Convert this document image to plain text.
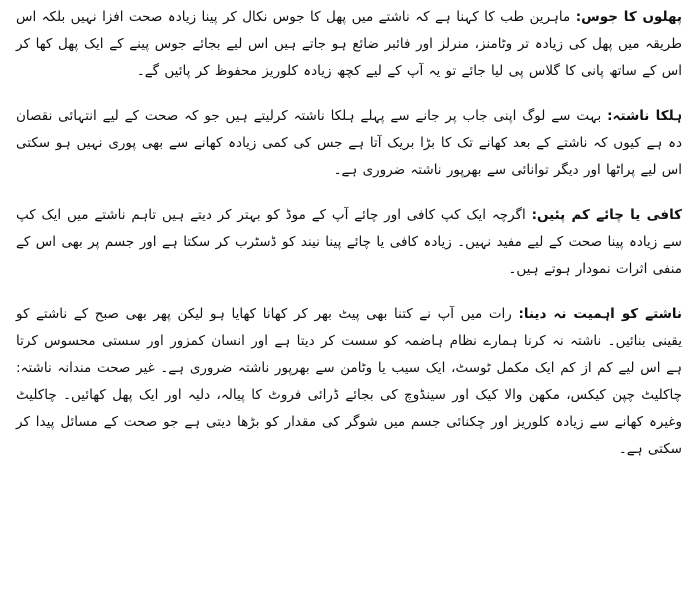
پھلوں کا جوس: ماہرین طب کا کہنا ہے کہ ناشتے میں پھل کا جوس نکال کر پینا زیادہ صحت افزا نہیں بلکہ اس طریقہ میں پھل کی زیادہ تر وٹامنز، منرلز اور فائبر ضائع ہو جاتے ہیں اس لیے بجائے جوس پینے کے ایک پھل کھا کر اس کے ساتھ پانی کا گلاس پی لیا جائے تو یہ آپ کے لیے کچھ زیادہ کلوریز محفوظ کر پائیں گے۔

ہلکا ناشتہ: بہت سے لوگ اپنی جاب پر جانے سے پہلے ہلکا ناشتہ کرلیتے ہیں جو کہ صحت کے لیے انتہائی نقصان دہ ہے کیوں کہ ناشتے کے بعد کھانے تک کا بڑا بریک آتا ہے جس کی کمی زیادہ کھانے سے بھی پوری نہیں ہو سکتی اس لیے پراٹھا اور دیگر توانائی سے بھرپور ناشتہ ضروری ہے۔

کافی یا چائے کم پئیں: اگرچہ ایک کپ کافی اور چائے آپ کے موڈ کو بہتر کر دیتے ہیں تاہم ناشتے میں ایک کپ سے زیادہ پینا صحت کے لیے مفید نہیں۔ زیادہ کافی یا چائے پینا نیند کو ڈسٹرب کر سکتا ہے اور جسم پر بھی اس کے منفی اثرات نمودار ہوتے ہیں۔

ناشتے کو اہمیت نہ دینا: رات میں آپ نے کتنا بھی پیٹ بھر کر کھانا کھایا ہو لیکن پھر بھی صبح کے ناشتے کو یقینی بنائیں۔ ناشتہ نہ کرنا ہمارے نظام ہاضمہ کو سست کر دیتا ہے اور انسان کمزور اور سستی محسوس کرتا ہے اس لیے کم از کم ایک مکمل ٹوسٹ، ایک سیب یا وٹامن سے بھرپور ناشتہ ضروری ہے۔ غیر صحت مندانہ ناشتہ: چاکلیٹ چپن کیکس، مکھن والا کیک اور سینڈوچ کی بجائے ڈرائی فروٹ کا پیالہ، دلیہ اور ایک پھل کھائیں۔ چاکلیٹ وغیرہ کھانے سے زیادہ کلوریز اور چکنائی جسم میں شوگر کی مقدار کو بڑھا دیتی ہے جو صحت کے مسائل پیدا کر سکتی ہے۔
